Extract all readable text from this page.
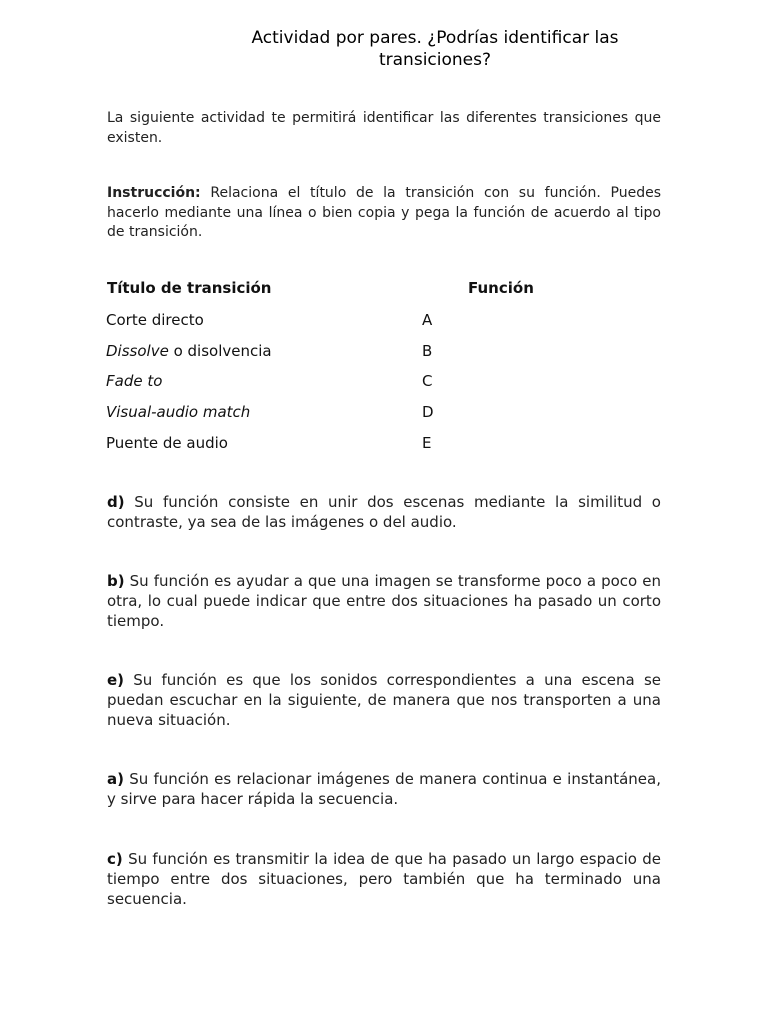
Actividad por pares. ¿Podrías identificar las
transiciones?
La siguiente actividad te permitirá identificar las diferentes transiciones que existen.
Instrucción: Relaciona el título de la transición con su función. Puedes hacerlo mediante una línea o bien copia y pega la función de acuerdo al tipo de transición.
Título de transición	Función
Corte directo	A
Dissolve o disolvencia	B
Fade to	C
Visual-audio match	D
Puente de audio	E
d) Su función consiste en unir dos escenas mediante la similitud o contraste, ya sea de las imágenes o del audio.
b) Su función es ayudar a que una imagen se transforme poco a poco en otra, lo cual puede indicar que entre dos situaciones ha pasado un corto tiempo.
e) Su función es que los sonidos correspondientes a una escena se puedan escuchar en la siguiente, de manera que nos transporten a una nueva situación.
a) Su función es relacionar imágenes de manera continua e instantánea, y sirve para hacer rápida la secuencia.
c) Su función es transmitir la idea de que ha pasado un largo espacio de tiempo entre dos situaciones, pero también que ha terminado una secuencia.
